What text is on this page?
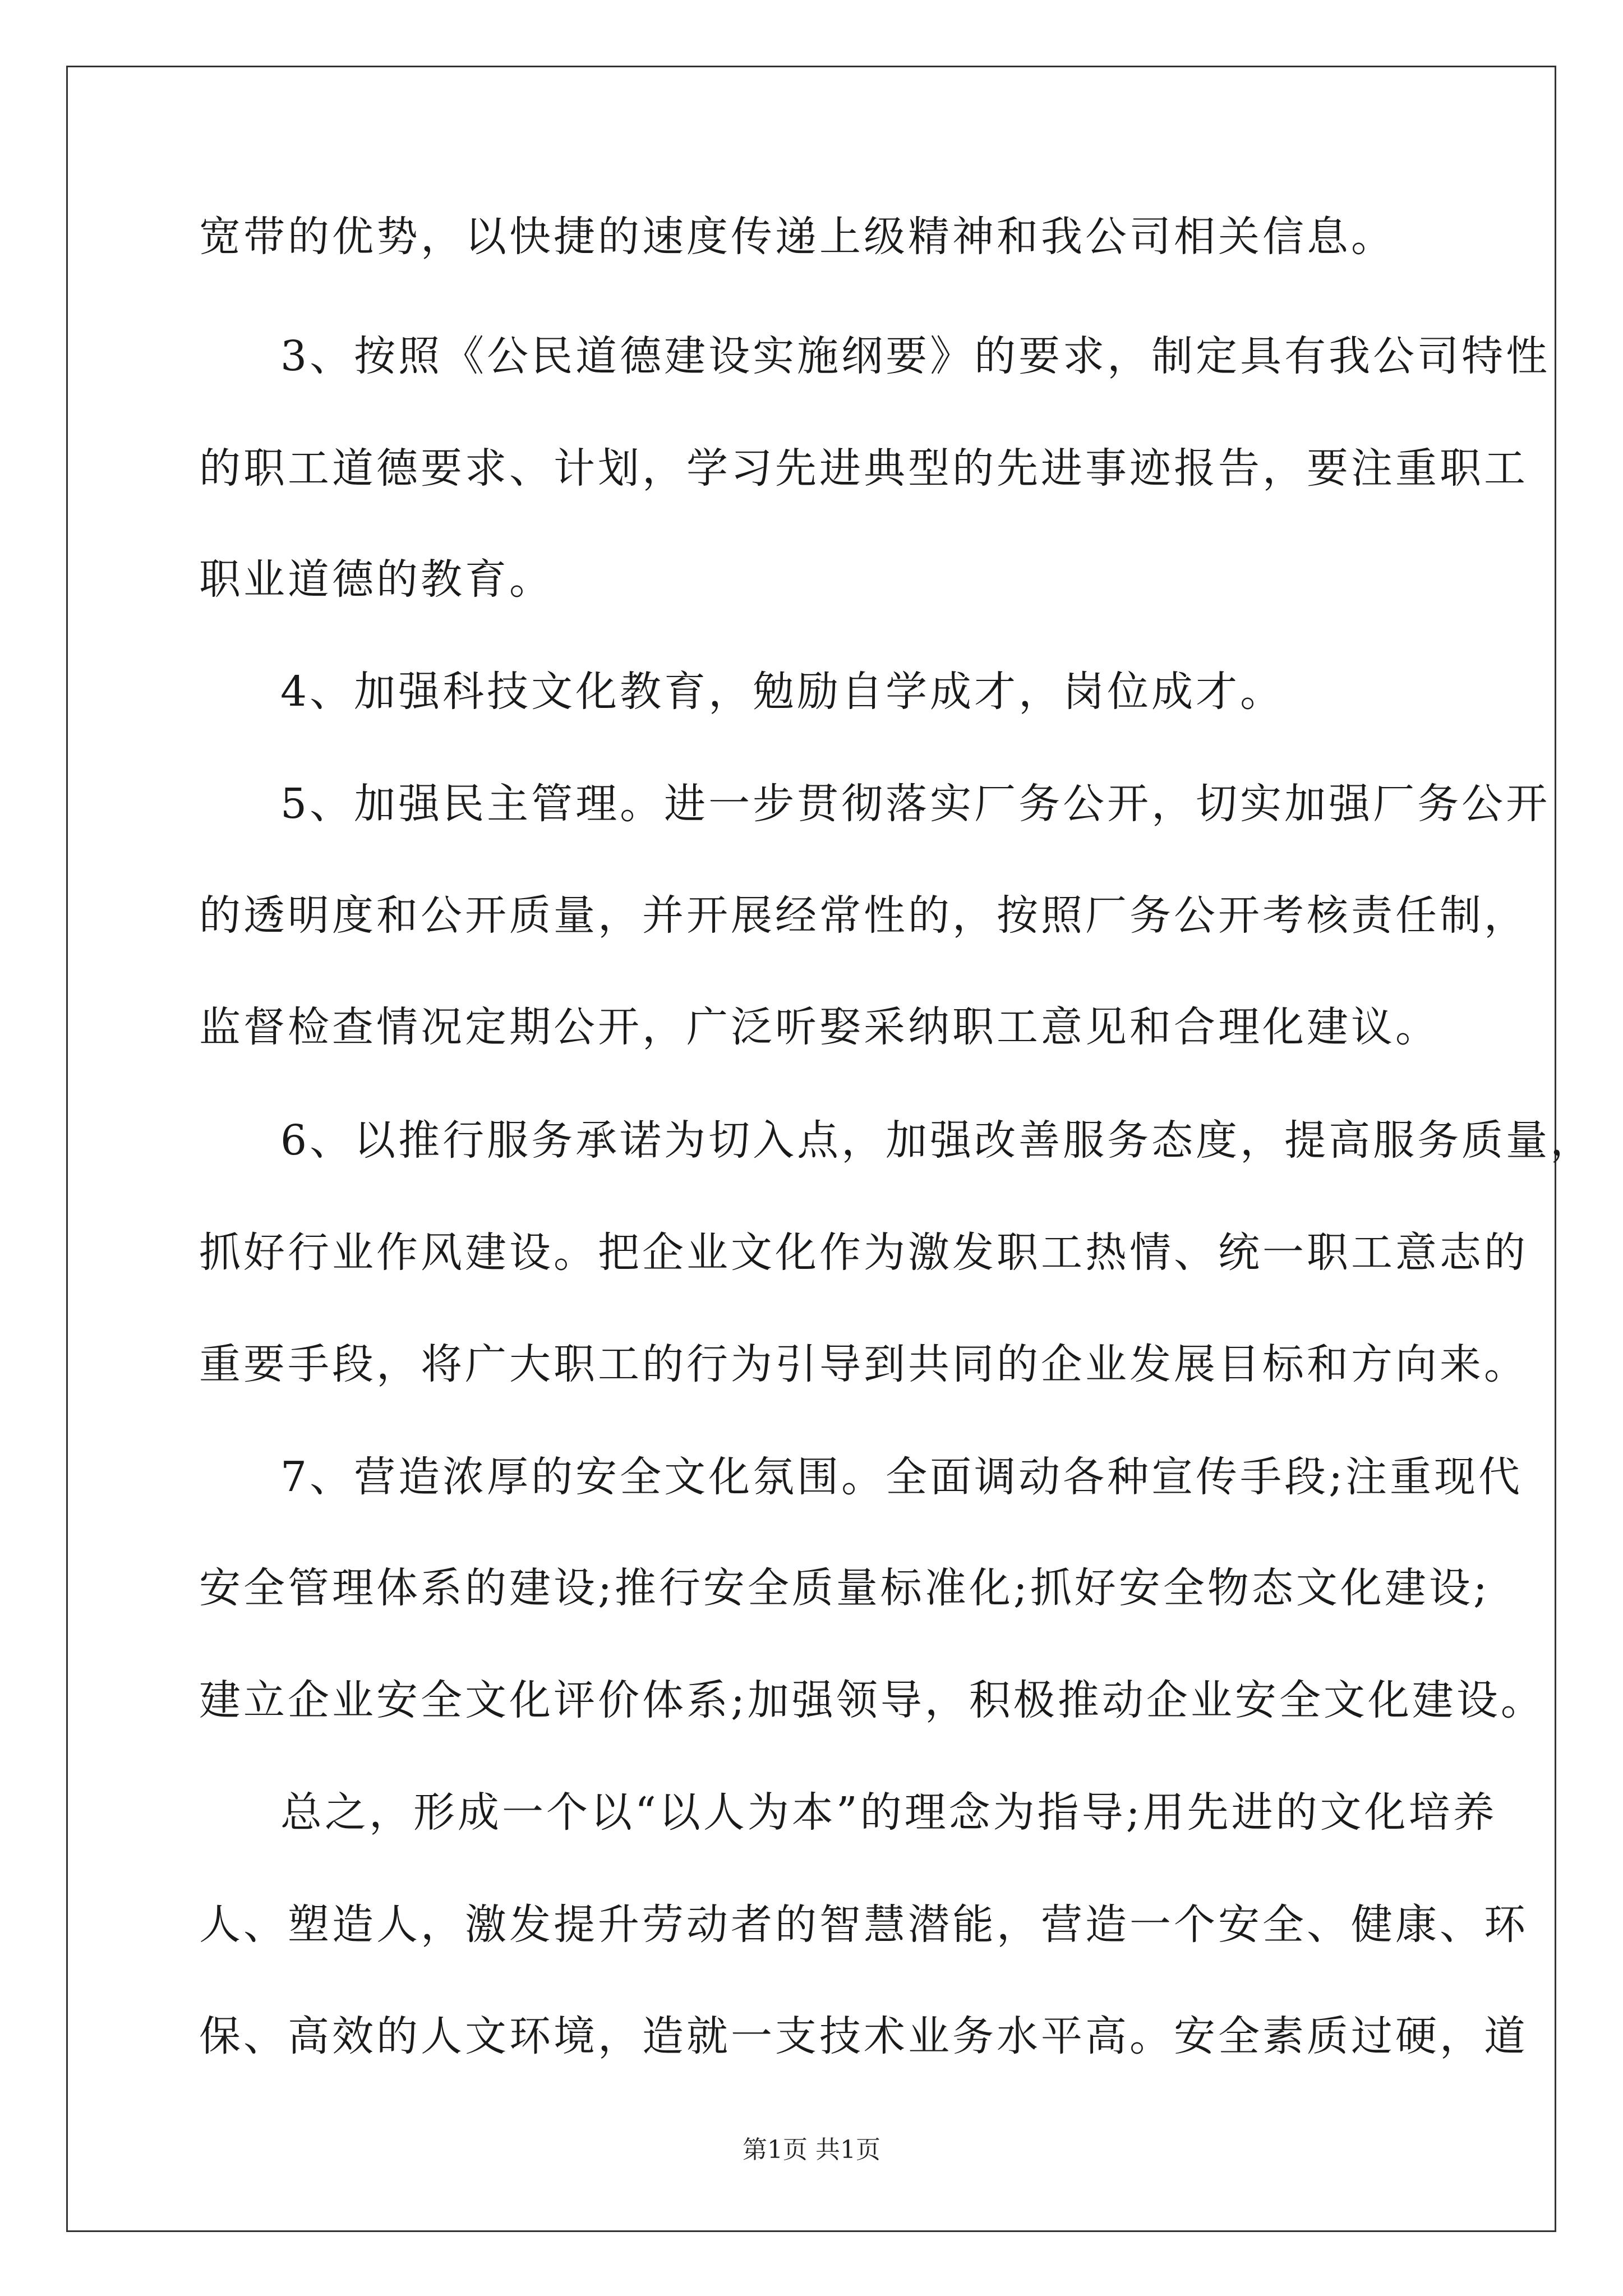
宽带的优势，以快捷的速度传递上级精神和我公司相关信息。
3、按照《公民道德建设实施纲要》的要求，制定具有我公司特性
的职工道德要求、计划，学习先进典型的先进事迹报告，要注重职工
职业道德的教育。
4、加强科技文化教育，勉励自学成才，岗位成才。
5、加强民主管理。进一步贯彻落实厂务公开，切实加强厂务公开
的透明度和公开质量，并开展经常性的，按照厂务公开考核责任制，
监督检查情况定期公开，广泛听娶采纳职工意见和合理化建议。
6、以推行服务承诺为切入点，加强改善服务态度，提高服务质量，
抓好行业作风建设。把企业文化作为激发职工热情、统一职工意志的
重要手段，将广大职工的行为引导到共同的企业发展目标和方向来。
7、营造浓厚的安全文化氛围。全面调动各种宣传手段;注重现代
安全管理体系的建设;推行安全质量标准化;抓好安全物态文化建设;
建立企业安全文化评价体系;加强领导，积极推动企业安全文化建设。
总之，形成一个以“以人为本”的理念为指导;用先进的文化培养
人、塑造人，激发提升劳动者的智慧潜能，营造一个安全、健康、环
保、高效的人文环境，造就一支技术业务水平高。安全素质过硬，道
第1页 共1页
